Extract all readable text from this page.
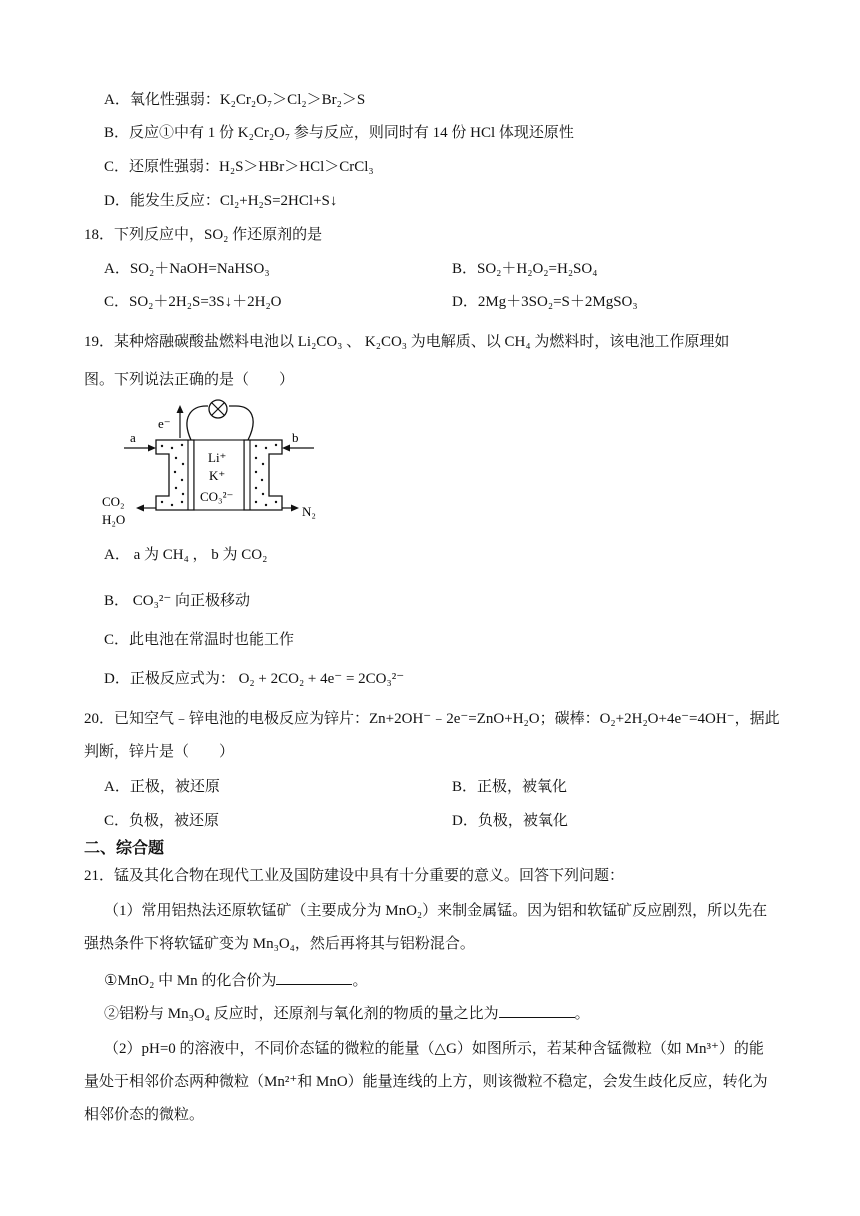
A．氧化性强弱：K₂Cr₂O₇＞Cl₂＞Br₂＞S
B．反应①中有 1 份 K₂Cr₂O₇ 参与反应，则同时有 14 份 HCl 体现还原性
C．还原性强弱：H₂S＞HBr＞HCl＞CrCl₃
D．能发生反应：Cl₂+H₂S=2HCl+S↓
18．下列反应中，SO₂ 作还原剂的是
A．SO₂＋NaOH=NaHSO₃	B．SO₂＋H₂O₂=H₂SO₄
C．SO₂＋2H₂S=3S↓＋2H₂O	D．2Mg＋3SO₂=S＋2MgSO₃
19．某种熔融碳酸盐燃料电池以 Li₂CO₃ 、 K₂CO₃ 为电解质、以 CH₄ 为燃料时，该电池工作原理如
图。下列说法正确的是（　　）
e⁻
Li⁺
K⁺
CO₃²⁻
a	b
CO₂
H₂O
N₂
A． a 为 CH₄ ， b 为 CO₂
B． CO₃²⁻ 向正极移动
C．此电池在常温时也能工作
D．正极反应式为： O₂ + 2CO₂ + 4e⁻ = 2CO₃²⁻
20．已知空气﹣锌电池的电极反应为锌片：Zn+2OH⁻﹣2e⁻=ZnO+H₂O；碳棒：O₂+2H₂O+4e⁻=4OH⁻，据此
判断，锌片是（　　）
A．正极，被还原	B．正极，被氧化
C．负极，被还原	D．负极，被氧化
二、综合题
21．锰及其化合物在现代工业及国防建设中具有十分重要的意义。回答下列问题：
（1）常用铝热法还原软锰矿（主要成分为 MnO₂）来制金属锰。因为铝和软锰矿反应剧烈，所以先在
强热条件下将软锰矿变为 Mn₃O₄，然后再将其与铝粉混合。
①MnO₂ 中 Mn 的化合价为	。
②铝粉与 Mn₃O₄ 反应时，还原剂与氧化剂的物质的量之比为	。
（2）pH=0 的溶液中，不同价态锰的微粒的能量（△G）如图所示，若某种含锰微粒（如 Mn³⁺）的能
量处于相邻价态两种微粒（Mn²⁺和 MnO）能量连线的上方，则该微粒不稳定，会发生歧化反应，转化为
相邻价态的微粒。
